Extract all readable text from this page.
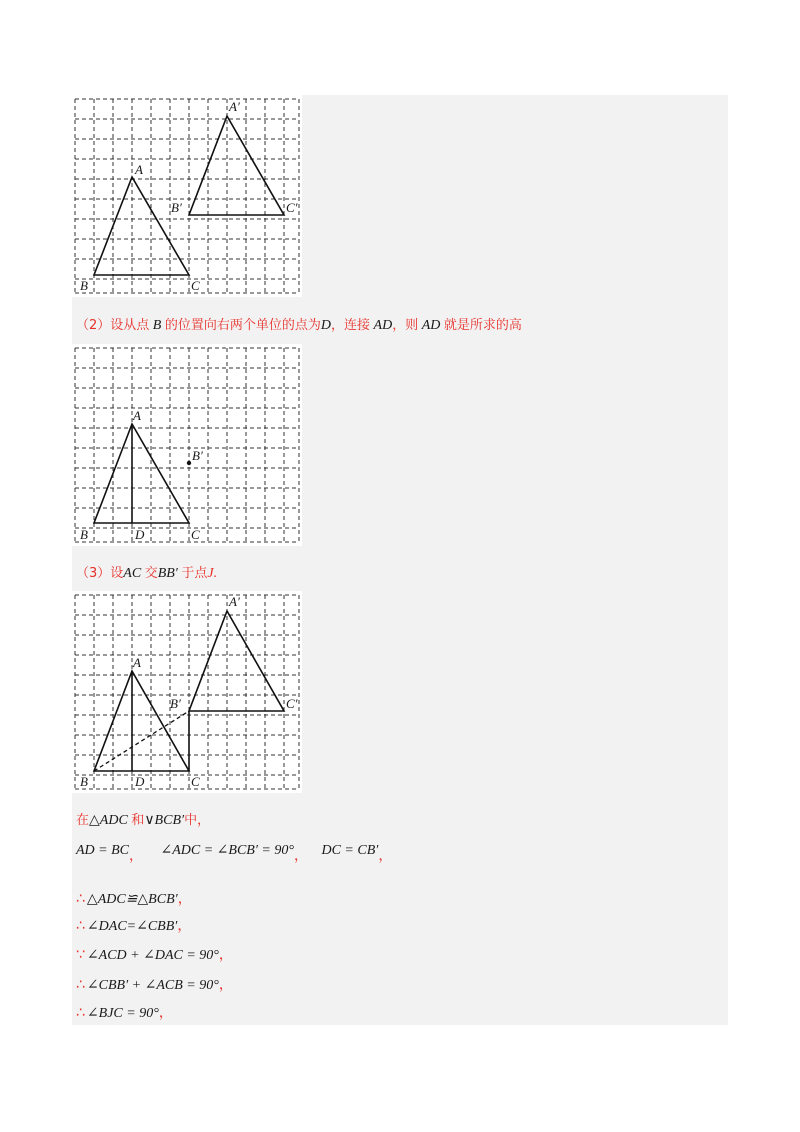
A
B	C
A′
B′	C′
（2）设从点 B 的位置向右两个单位的点为D，连接 AD，则 AD 就是所求的高
A
B	D	C
B′
（3）设AC 交BB′ 于点J.
A
B	D	C
A′
B′	C′
在△ADC 和∨BCB′中，
AD = BC， ∠ADC = ∠BCB′ = 90°， DC = CB′，
∴ △ADC≌△BCB′，
∴ ∠DAC=∠CBB′，
∵ ∠ACD + ∠DAC = 90°，
∴ ∠CBB′ + ∠ACB = 90°，
∴ ∠BJC = 90°，
